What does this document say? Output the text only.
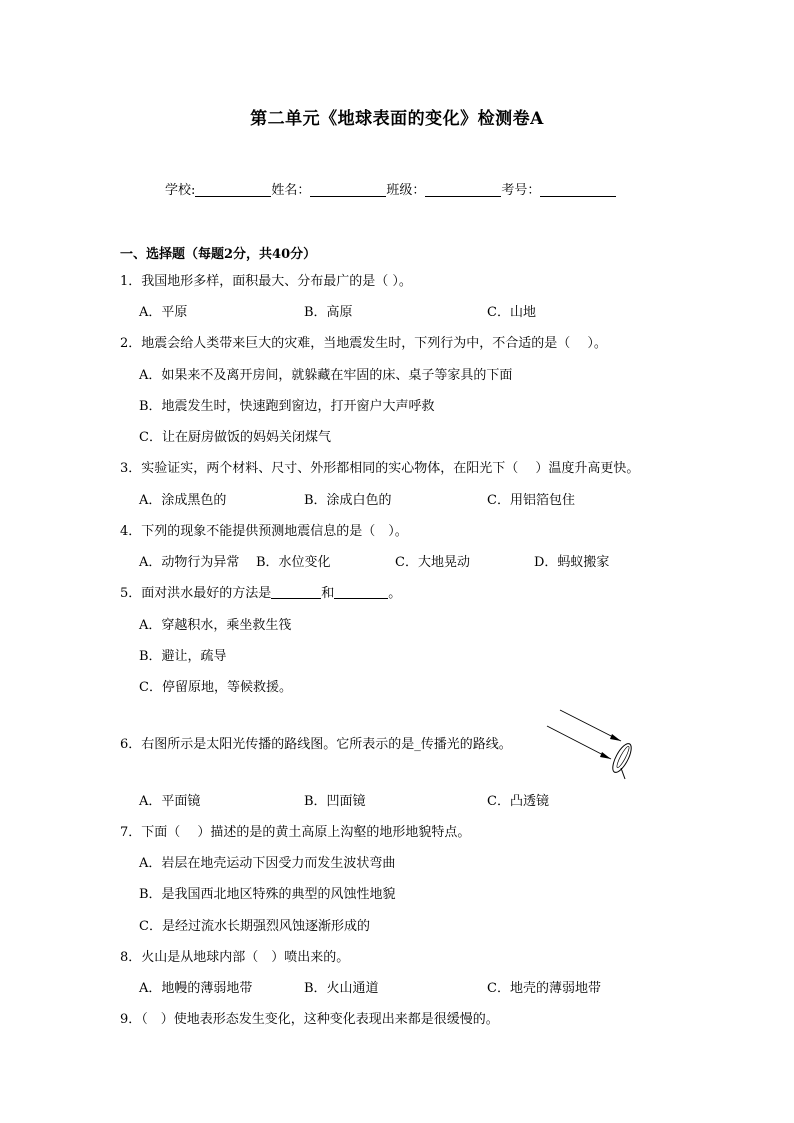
第二单元《地球表面的变化》检测卷A
学校:	姓名：	班级：	考号：
一、选择题（每题2分，共40分）
1．我国地形多样，面积最大、分布最广的是（ ）。
A．平原	B．高原	C．山地
2．地震会给人类带来巨大的灾难，当地震发生时，下列行为中，不合适的是（　 ）。
A．如果来不及离开房间，就躲藏在牢固的床、桌子等家具的下面
B．地震发生时，快速跑到窗边，打开窗户大声呼救
C．让在厨房做饭的妈妈关闭煤气
3．实验证实，两个材料、尺寸、外形都相同的实心物体，在阳光下（　 ）温度升高更快。
A．涂成黑色的	B．涂成白色的	C．用铝箔包住
4．下列的现象不能提供预测地震信息的是（　）。
A．动物行为异常 B．水位变化	C．大地晃动	D．蚂蚁搬家
5．面对洪水最好的方法是	和	。
A．穿越积水，乘坐救生筏
B．避让，疏导
C．停留原地，等候救援。
6．右图所示是太阳光传播的路线图。它所表示的是_传播光的路线。
A．平面镜	B．凹面镜	C．凸透镜
7．下面（　 ）描述的是的黄土高原上沟壑的地形地貌特点。
A．岩层在地壳运动下因受力而发生波状弯曲
B．是我国西北地区特殊的典型的风蚀性地貌
C．是经过流水长期强烈风蚀逐渐形成的
8．火山是从地球内部（　）喷出来的。
A．地幔的薄弱地带	B．火山通道	C．地壳的薄弱地带
9．（　）使地表形态发生变化，这种变化表现出来都是很缓慢的。
